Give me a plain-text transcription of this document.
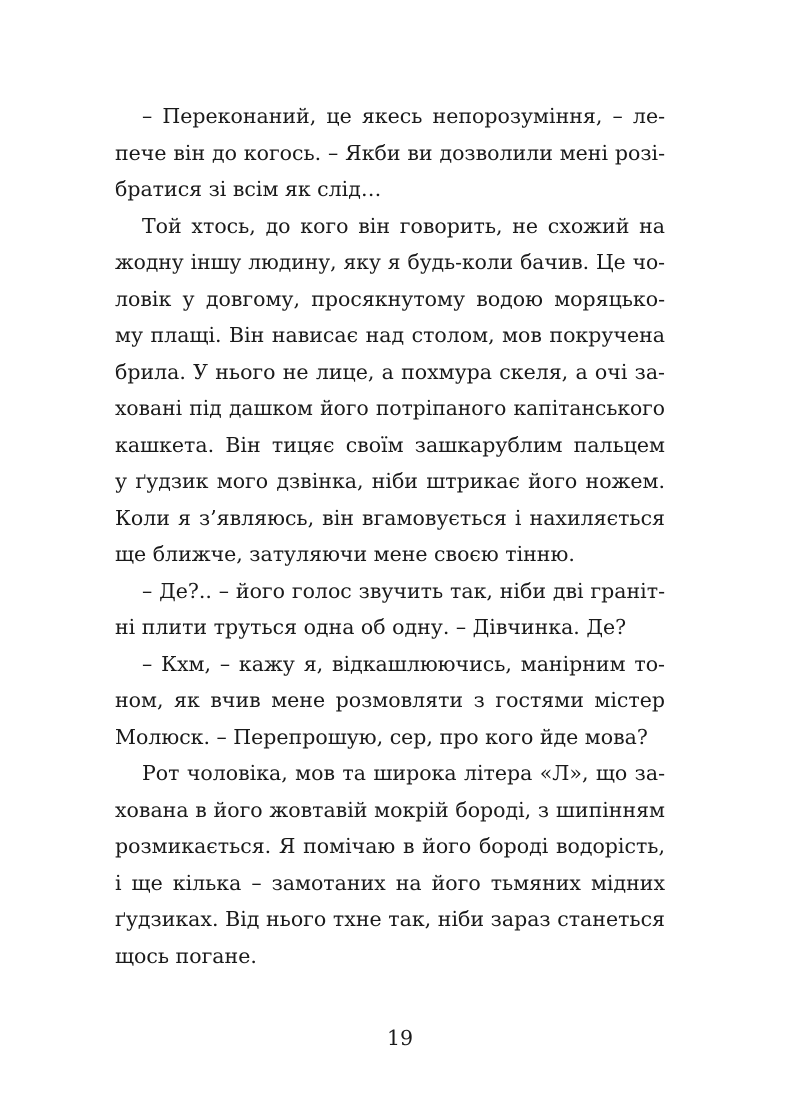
– Переконаний, це якесь непорозуміння, – ле-
пече він до когось. – Якби ви дозволили мені розі-
братися зі всім як слід…
Той хтось, до кого він говорить, не схожий на
жодну іншу людину, яку я будь-коли бачив. Це чо-
ловік у довгому, просякнутому водою моряцько-
му плащі. Він нависає над столом, мов покручена
брила. У нього не лице, а похмура скеля, а очі за-
ховані під дашком його потріпаного капітанського
кашкета. Він тицяє своїм зашкарублим пальцем
у ґудзик мого дзвінка, ніби штрикає його ножем.
Коли я з’являюсь, він вгамовується і нахиляється
ще ближче, затуляючи мене своєю тінню.
– Де?.. – його голос звучить так, ніби дві граніт-
ні плити труться одна об одну. – Дівчинка. Де?
– Кхм, – кажу я, відкашлюючись, манірним то-
ном, як вчив мене розмовляти з гостями містер
Молюск. – Перепрошую, сер, про кого йде мова?
Рот чоловіка, мов та широка літера «Л», що за-
хована в його жовтавій мокрій бороді, з шипінням
розмикається. Я помічаю в його бороді водорість,
і ще кілька – замотаних на його тьмяних мідних
ґудзиках. Від нього тхне так, ніби зараз станеться
щось погане.
19
